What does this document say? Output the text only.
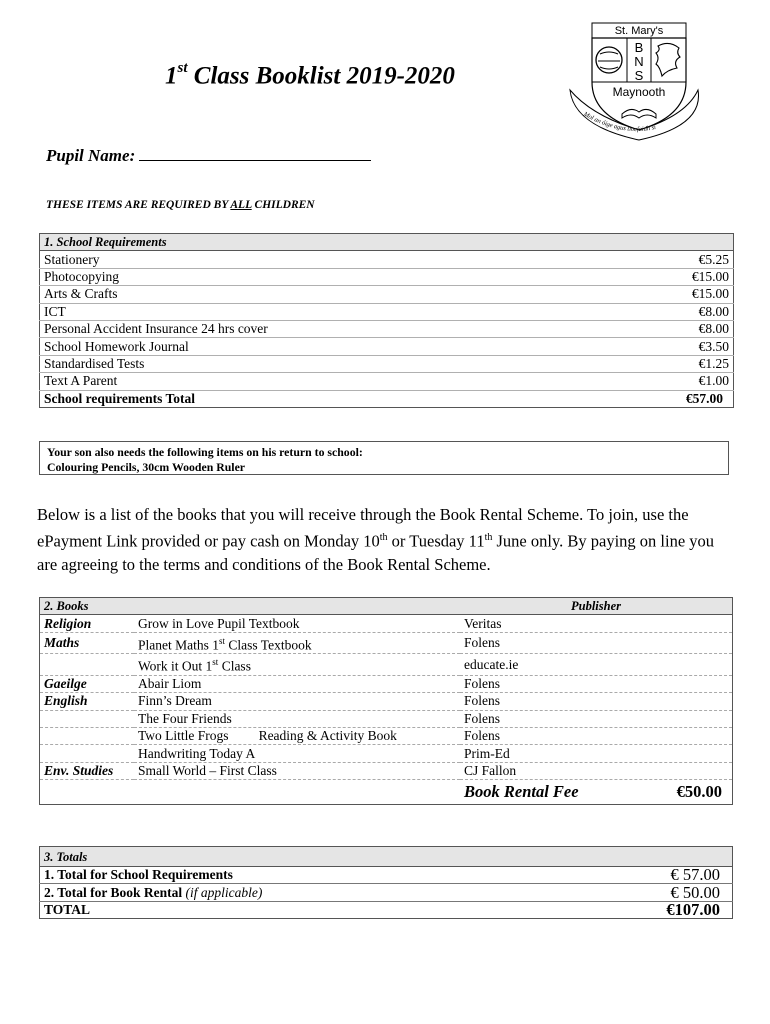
1st Class Booklist 2019-2020
St. Mary's
B
N
S
Maynooth
Mol an óige agus tiocfaidh sí
Pupil Name:
THESE ITEMS ARE REQUIRED BY ALL CHILDREN
1. School Requirements	
Stationery	€5.25
Photocopying	€15.00
Arts & Crafts	€15.00
ICT	€8.00
Personal Accident Insurance 24 hrs cover	€8.00
School Homework Journal	€3.50
Standardised Tests	€1.25
Text A Parent	€1.00
School requirements Total	€57.00
Your son also needs the following items on his return to school:
Colouring Pencils, 30cm Wooden Ruler
Below is a list of the books that you will receive through the Book Rental Scheme. To join, use the ePayment Link provided or pay cash on Monday 10th or Tuesday 11th June only. By paying on line you are agreeing to the terms and conditions of the Book Rental Scheme.
2. Books		Publisher
Religion	Grow in Love Pupil Textbook	Veritas
Maths	Planet Maths 1st Class Textbook	Folens
	Work it Out 1st Class	educate.ie
Gaeilge	Abair Liom	Folens
English	Finn’s Dream	Folens
	The Four Friends	Folens
	Two Little Frogs Reading & Activity Book	Folens
	Handwriting Today A	Prim-Ed
Env. Studies	Small World – First Class	CJ Fallon
		Book Rental Fee €50.00
3. Totals	
1. Total for School Requirements	€ 57.00
2. Total for Book Rental (if applicable)	€ 50.00
TOTAL	€107.00
